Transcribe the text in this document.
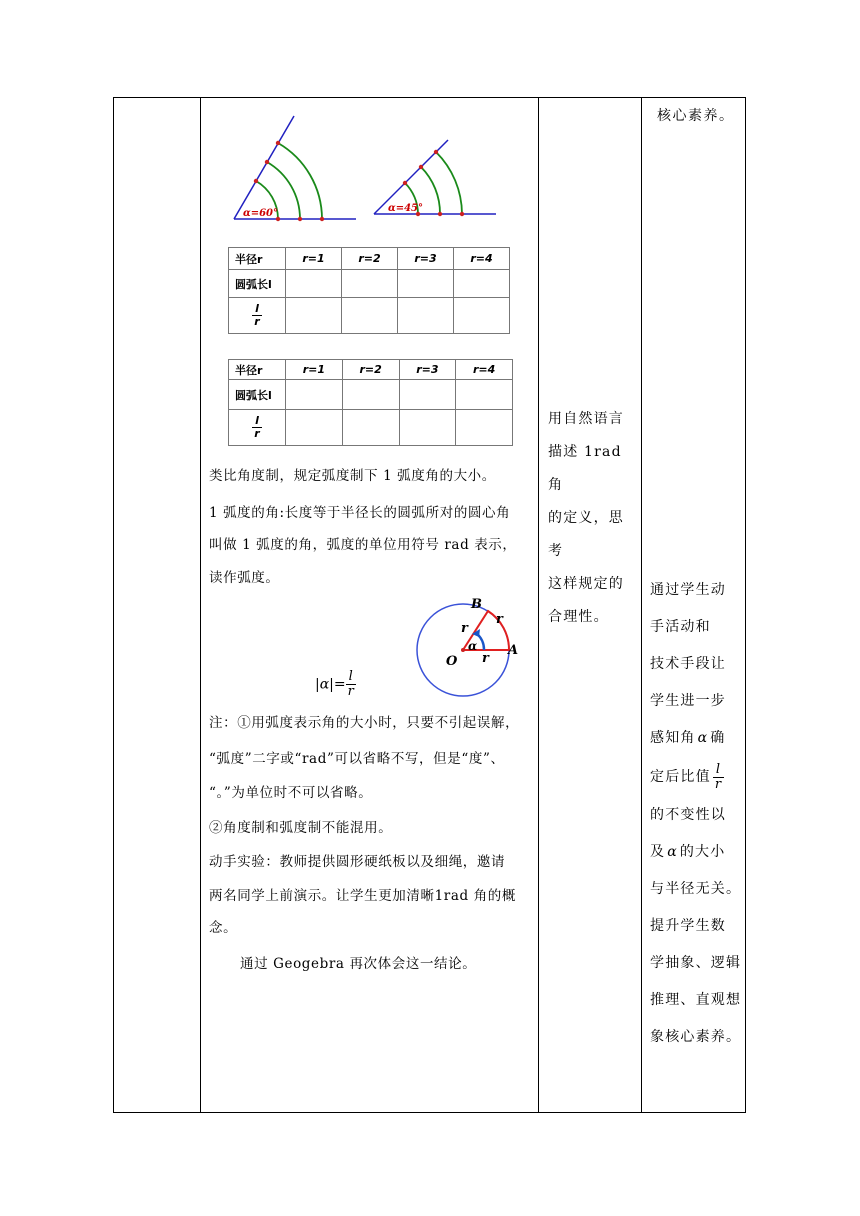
核心素养。
α=60°	α=45°
半径r	r=1	r=2	r=3	r=4
圆弧长l				

$\frac{l}{r}$

半径r	r=1	r=2	r=3	r=4
圆弧长l				

$\frac{l}{r}$
					用自然语言
描述 1rad 角
的定义，思考
这样规定的
合理性。
类比角度制，规定弧度制下 1 弧度角的大小。
1 弧度的角:长度等于半径长的圆弧所对的圆心角
叫做 1 弧度的角，弧度的单位用符号 rad 表示，
读作弧度。
B
A
O
r
r
r
α
$|\alpha|= \frac{l}{r}$
注：①用弧度表示角的大小时，只要不引起误解，
“弧度”二字或“rad”可以省略不写，但是“度”、
“。”为单位时不可以省略。
②角度制和弧度制不能混用。
动手实验：教师提供圆形硬纸板以及细绳，邀请
两名同学上前演示。让学生更加清晰1rad 角的概
念。
通过 Geogebra 再次体会这一结论。
通过学生动
手活动和
技术手段让
学生进一步
感知角 α 确
定后比值 $\frac{l}{r}$
的不变性以
及 α 的大小
与半径无关。
提升学生数
学抽象、逻辑
推理、直观想
象核心素养。
